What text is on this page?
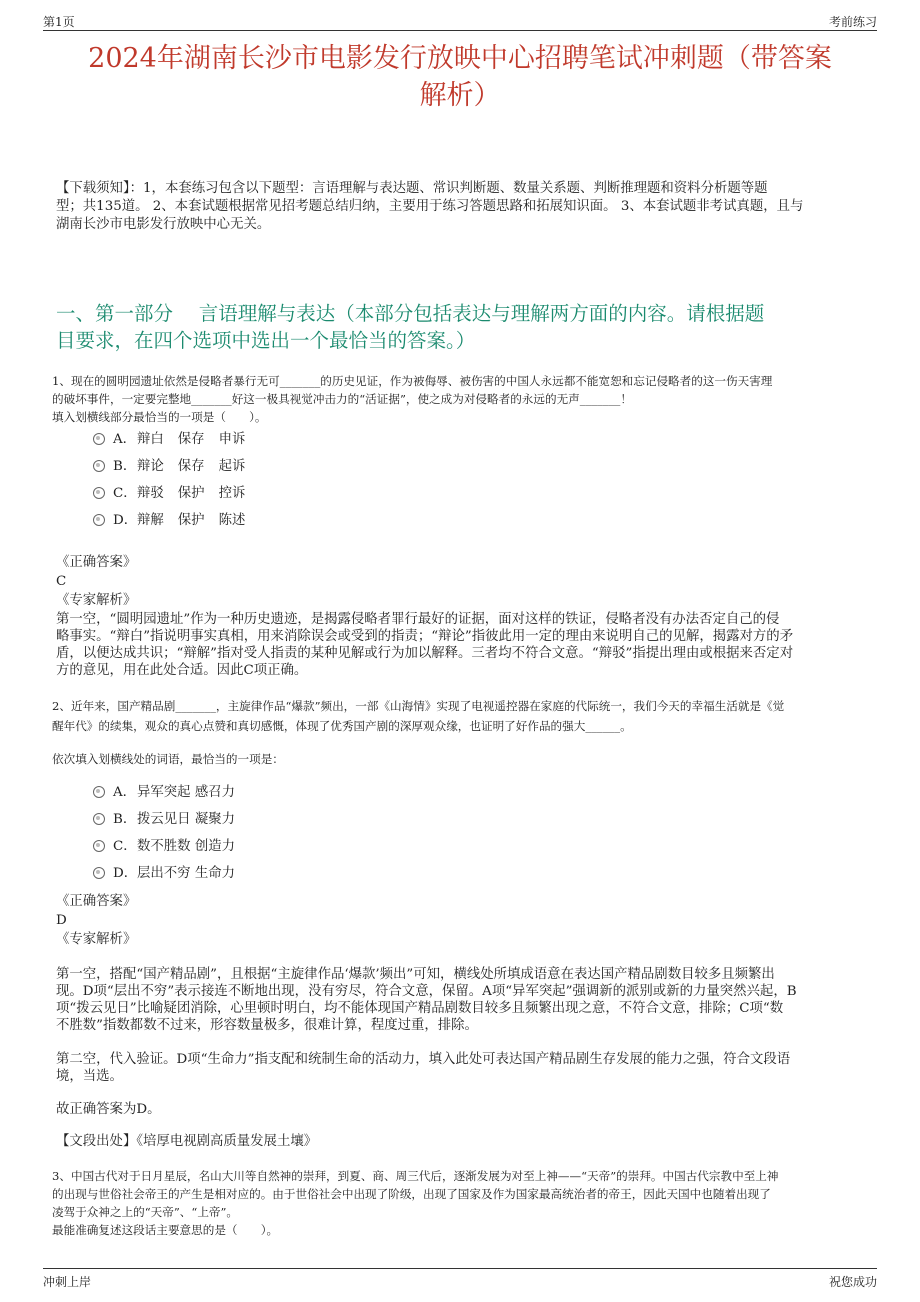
第1页	考前练习
2024年湖南长沙市电影发行放映中心招聘笔试冲刺题（带答案
解析）
【下载须知】：1，本套练习包含以下题型：言语理解与表达题、常识判断题、数量关系题、判断推理题和资料分析题等题
型；共135道。 2、本套试题根据常见招考题总结归纳，主要用于练习答题思路和拓展知识面。 3、本套试题非考试真题，且与
湖南长沙市电影发行放映中心无关。
一、第一部分　 言语理解与表达（本部分包括表达与理解两方面的内容。请根据题
目要求，在四个选项中选出一个最恰当的答案。）
1、现在的圆明园遗址依然是侵略者暴行无可_______的历史见证，作为被侮辱、被伤害的中国人永远都不能宽恕和忘记侵略者的这一伤天害理
的破坏事件，一定要完整地_______好这一极具视觉冲击力的“活证据”，使之成为对侵略者的永远的无声_______！
填入划横线部分最恰当的一项是（　　）。
A．辩白 保存 申诉
B．辩论 保存 起诉
C．辩驳 保护 控诉
D．辩解 保护 陈述
《正确答案》
C
《专家解析》
第一空，“圆明园遗址”作为一种历史遗迹，是揭露侵略者罪行最好的证据，面对这样的铁证，侵略者没有办法否定自己的侵
略事实。“辩白”指说明事实真相，用来消除误会或受到的指责；“辩论”指彼此用一定的理由来说明自己的见解，揭露对方的矛
盾，以便达成共识；“辩解”指对受人指责的某种见解或行为加以解释。三者均不符合文意。“辩驳”指提出理由或根据来否定对
方的意见，用在此处合适。因此C项正确。
2、近年来，国产精品剧_______，主旋律作品“爆款”频出，一部《山海情》实现了电视遥控器在家庭的代际统一，我们今天的幸福生活就是《觉
醒年代》的续集，观众的真心点赞和真切感慨，体现了优秀国产剧的深厚观众缘，也证明了好作品的强大______。
依次填入划横线处的词语，最恰当的一项是：
A．异军突起 感召力
B．拨云见日 凝聚力
C．数不胜数 创造力
D．层出不穷 生命力
《正确答案》
D
《专家解析》
第一空，搭配“国产精品剧”，且根据“主旋律作品‘爆款’频出”可知，横线处所填成语意在表达国产精品剧数目较多且频繁出
现。D项“层出不穷”表示接连不断地出现，没有穷尽，符合文意，保留。A项“异军突起”强调新的派别或新的力量突然兴起，B
项“拨云见日”比喻疑团消除，心里顿时明白，均不能体现国产精品剧数目较多且频繁出现之意，不符合文意，排除；C项“数
不胜数”指数都数不过来，形容数量极多，很难计算，程度过重，排除。
第二空，代入验证。D项“生命力”指支配和统制生命的活动力，填入此处可表达国产精品剧生存发展的能力之强，符合文段语
境，当选。
故正确答案为D。
【文段出处】《培厚电视剧高质量发展土壤》
3、中国古代对于日月星辰，名山大川等自然神的崇拜，到夏、商、周三代后，逐渐发展为对至上神——“天帝”的崇拜。中国古代宗教中至上神
的出现与世俗社会帝王的产生是相对应的。由于世俗社会中出现了阶级，出现了国家及作为国家最高统治者的帝王，因此天国中也随着出现了
凌驾于众神之上的“天帝”、“上帝”。
最能准确复述这段话主要意思的是（　　）。
冲刺上岸	祝您成功
